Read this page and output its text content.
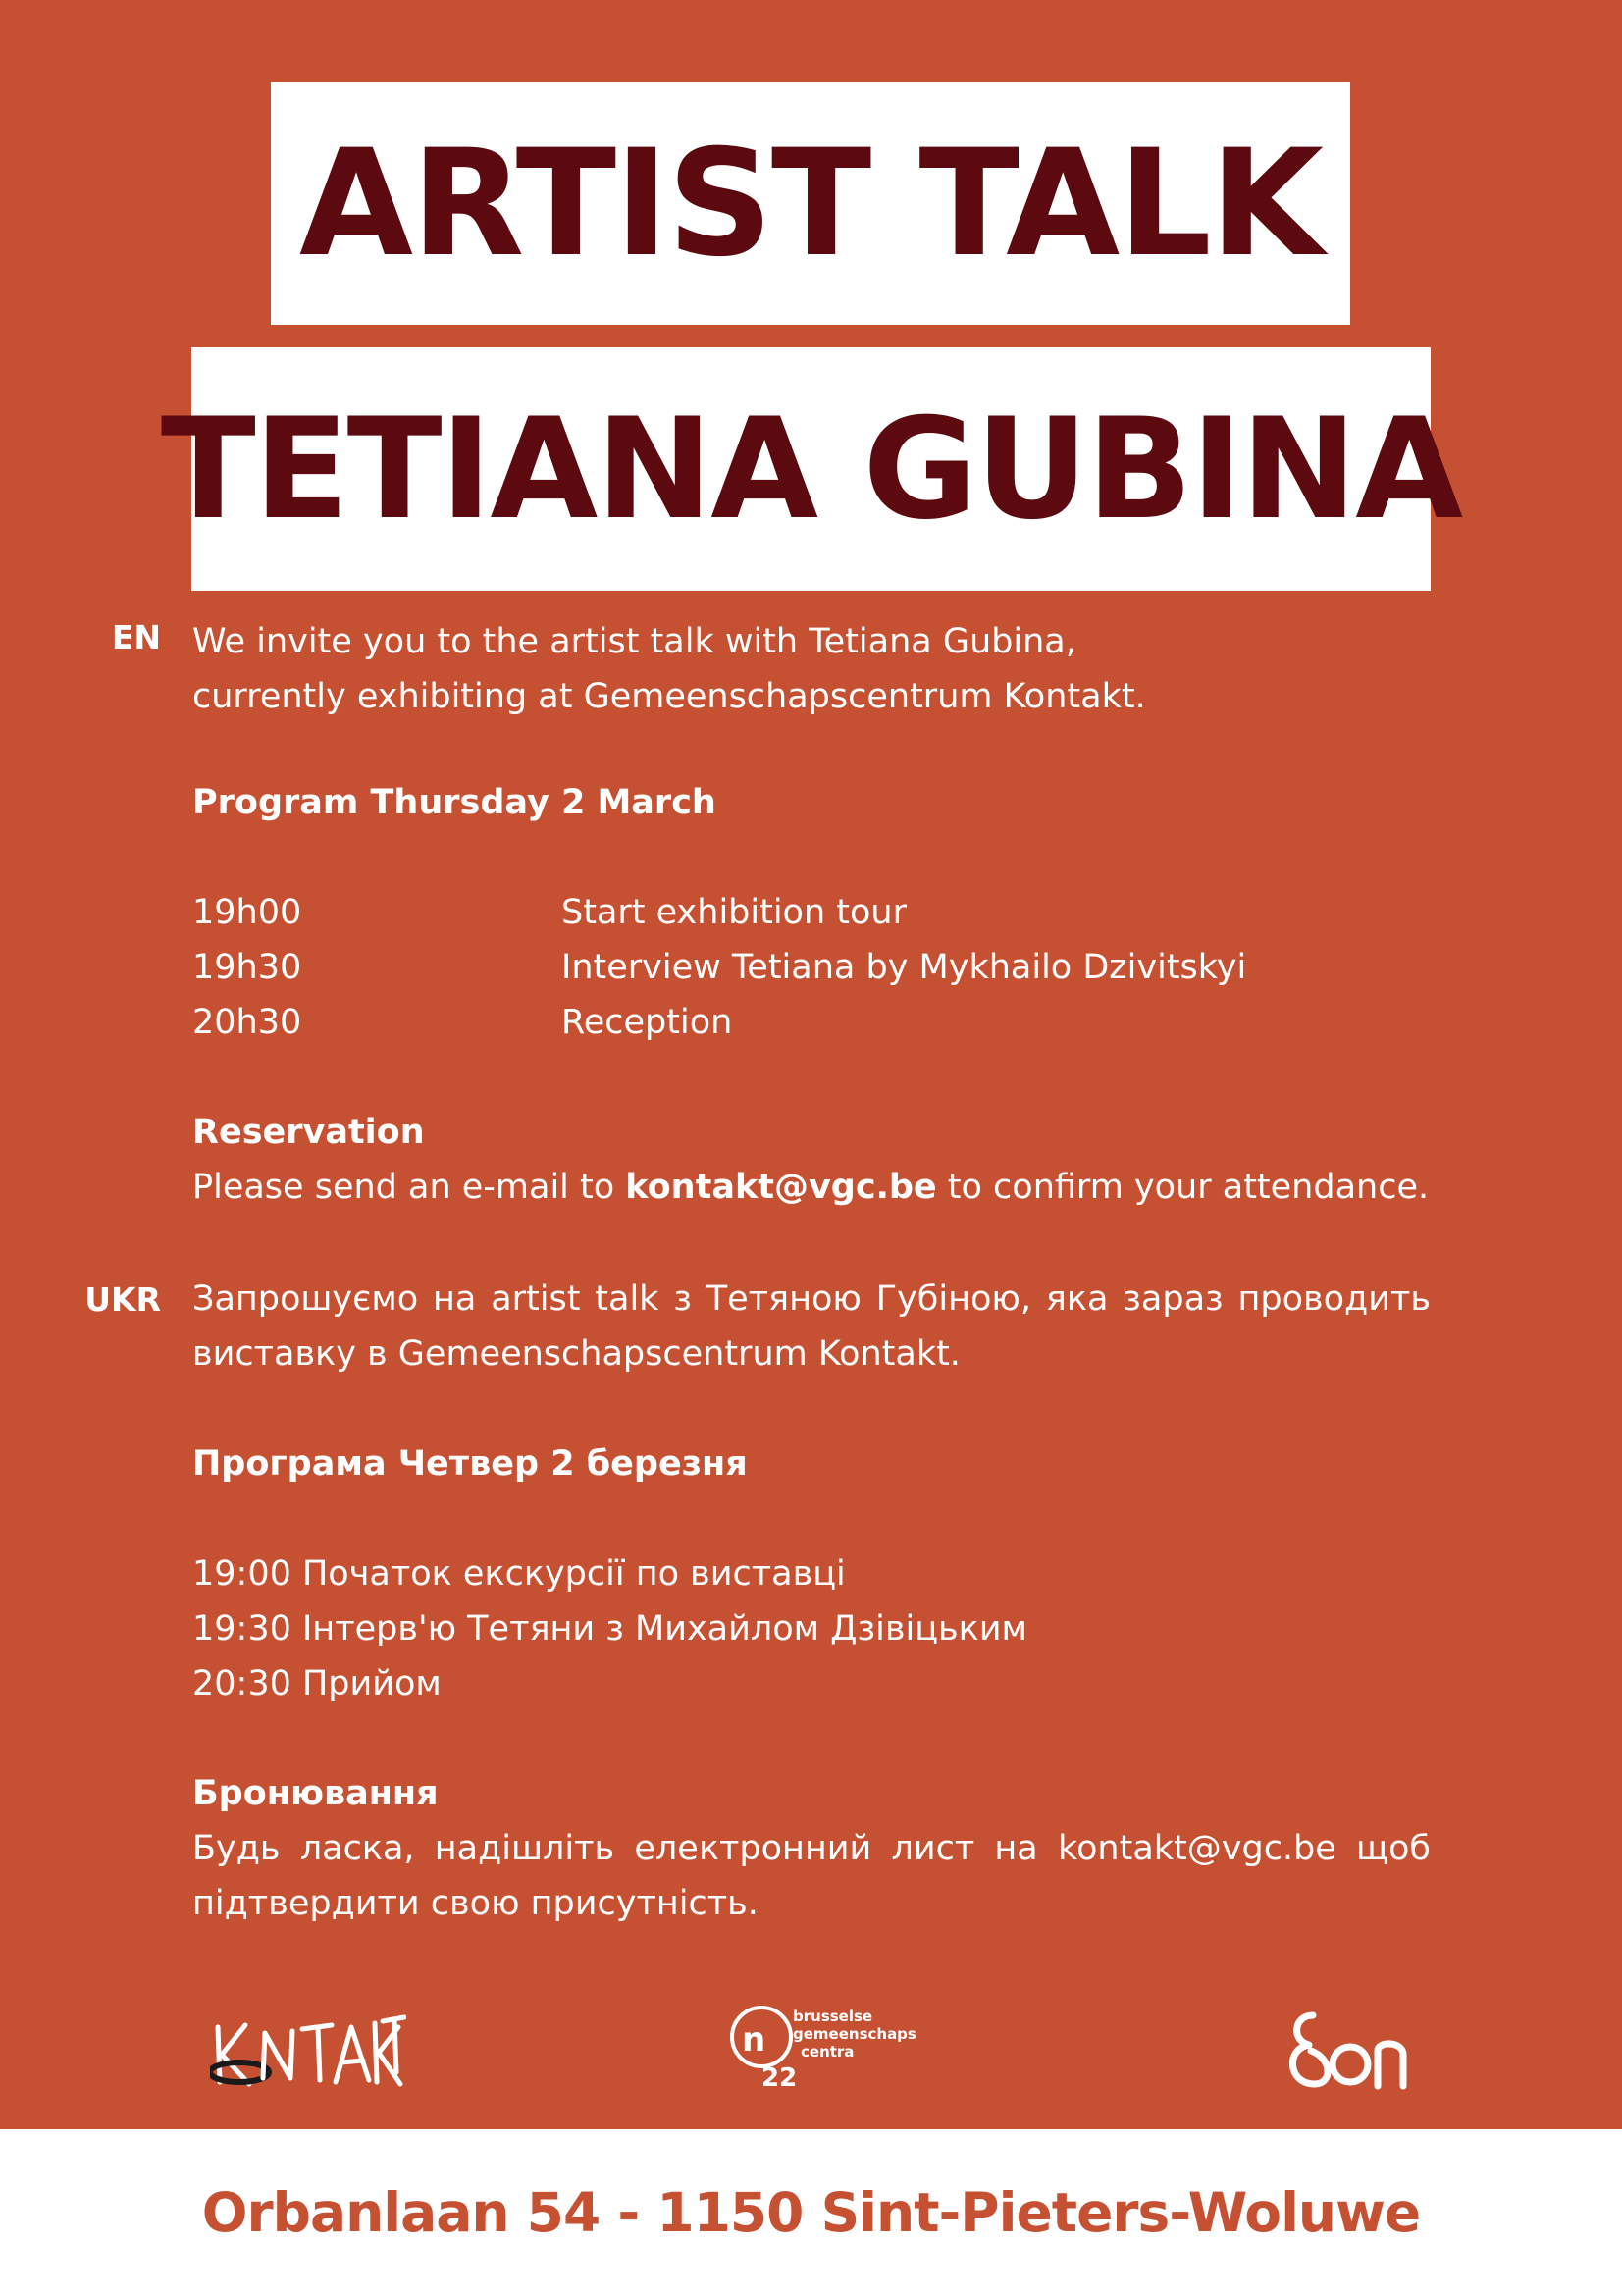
ARTIST TALK
TETIANA GUBINA
EN We invite you to the artist talk with Tetiana Gubina,
currently exhibiting at Gemeenschapscentrum Kontakt.
Program Thursday 2 March
19h00	Start exhibition tour
19h30	Interview Tetiana by Mykhailo Dzivitskyi
20h30	Reception
Reservation
Please send an e-mail to kontakt@vgc.be to confirm your attendance.
UKR Запрошуємо на artist talk з Тетяною Губіною, яка зараз проводить виставку в Gemeenschapscentrum Kontakt.
Програма Четвер 2 березня
19:00 Початок екскурсії по виставці
19:30 Інтерв'ю Тетяни з Михайлом Дзівіцьким
20:30 Прийом
Бронювання
Будь ласка, надішліть електронний лист на kontakt@vgc.be щоб підтвердити свою присутність.
n
22
brusselse
gemeenschaps
centra
Orbanlaan 54 - 1150 Sint-Pieters-Woluwe
